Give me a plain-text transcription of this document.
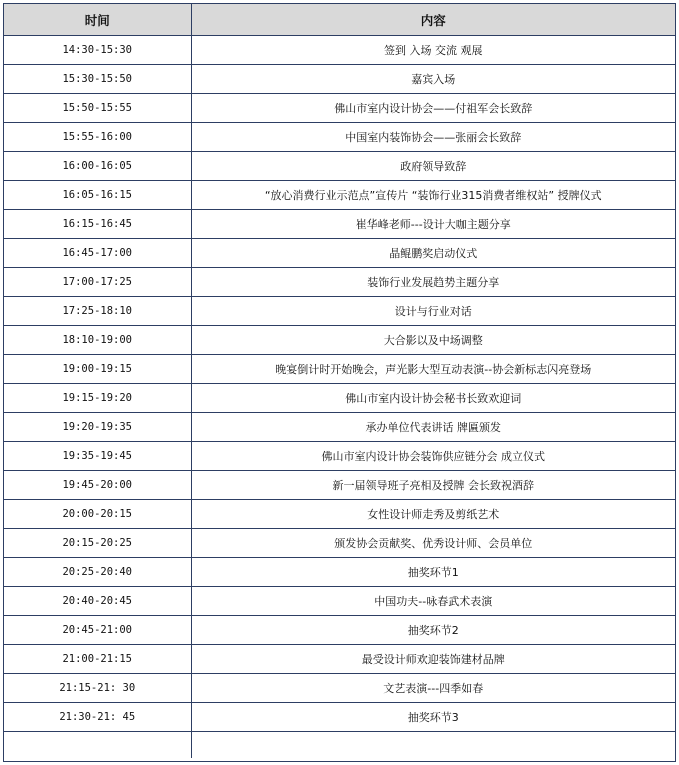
时间	内容
14:30-15:30	签到 入场 交流 观展
15:30-15:50	嘉宾入场
15:50-15:55	佛山市室内设计协会——付祖军会长致辞
15:55-16:00	中国室内装饰协会——张丽会长致辞
16:00-16:05	政府领导致辞
16:05-16:15	“放心消费行业示范点”宣传片 “装饰行业315消费者维权站” 授牌仪式
16:15-16:45	崔华峰老师---设计大咖主题分享
16:45-17:00	晶鲲鹏奖启动仪式
17:00-17:25	装饰行业发展趋势主题分享
17:25-18:10	设计与行业对话
18:10-19:00	大合影以及中场调整
19:00-19:15	晚宴倒计时开始晚会，声光影大型互动表演--协会新标志闪亮登场
19:15-19:20	佛山市室内设计协会秘书长致欢迎词
19:20-19:35	承办单位代表讲话 牌匾颁发
19:35-19:45	佛山市室内设计协会装饰供应链分会 成立仪式
19:45-20:00	新一届领导班子亮相及授牌 会长致祝酒辞
20:00-20:15	女性设计师走秀及剪纸艺术
20:15-20:25	颁发协会贡献奖、优秀设计师、会员单位
20:25-20:40	抽奖环节1
20:40-20:45	中国功夫--咏春武术表演
20:45-21:00	抽奖环节2
21:00-21:15	最受设计师欢迎装饰建材品牌
21:15-21: 30	文艺表演---四季如春
21:30-21: 45	抽奖环节3
